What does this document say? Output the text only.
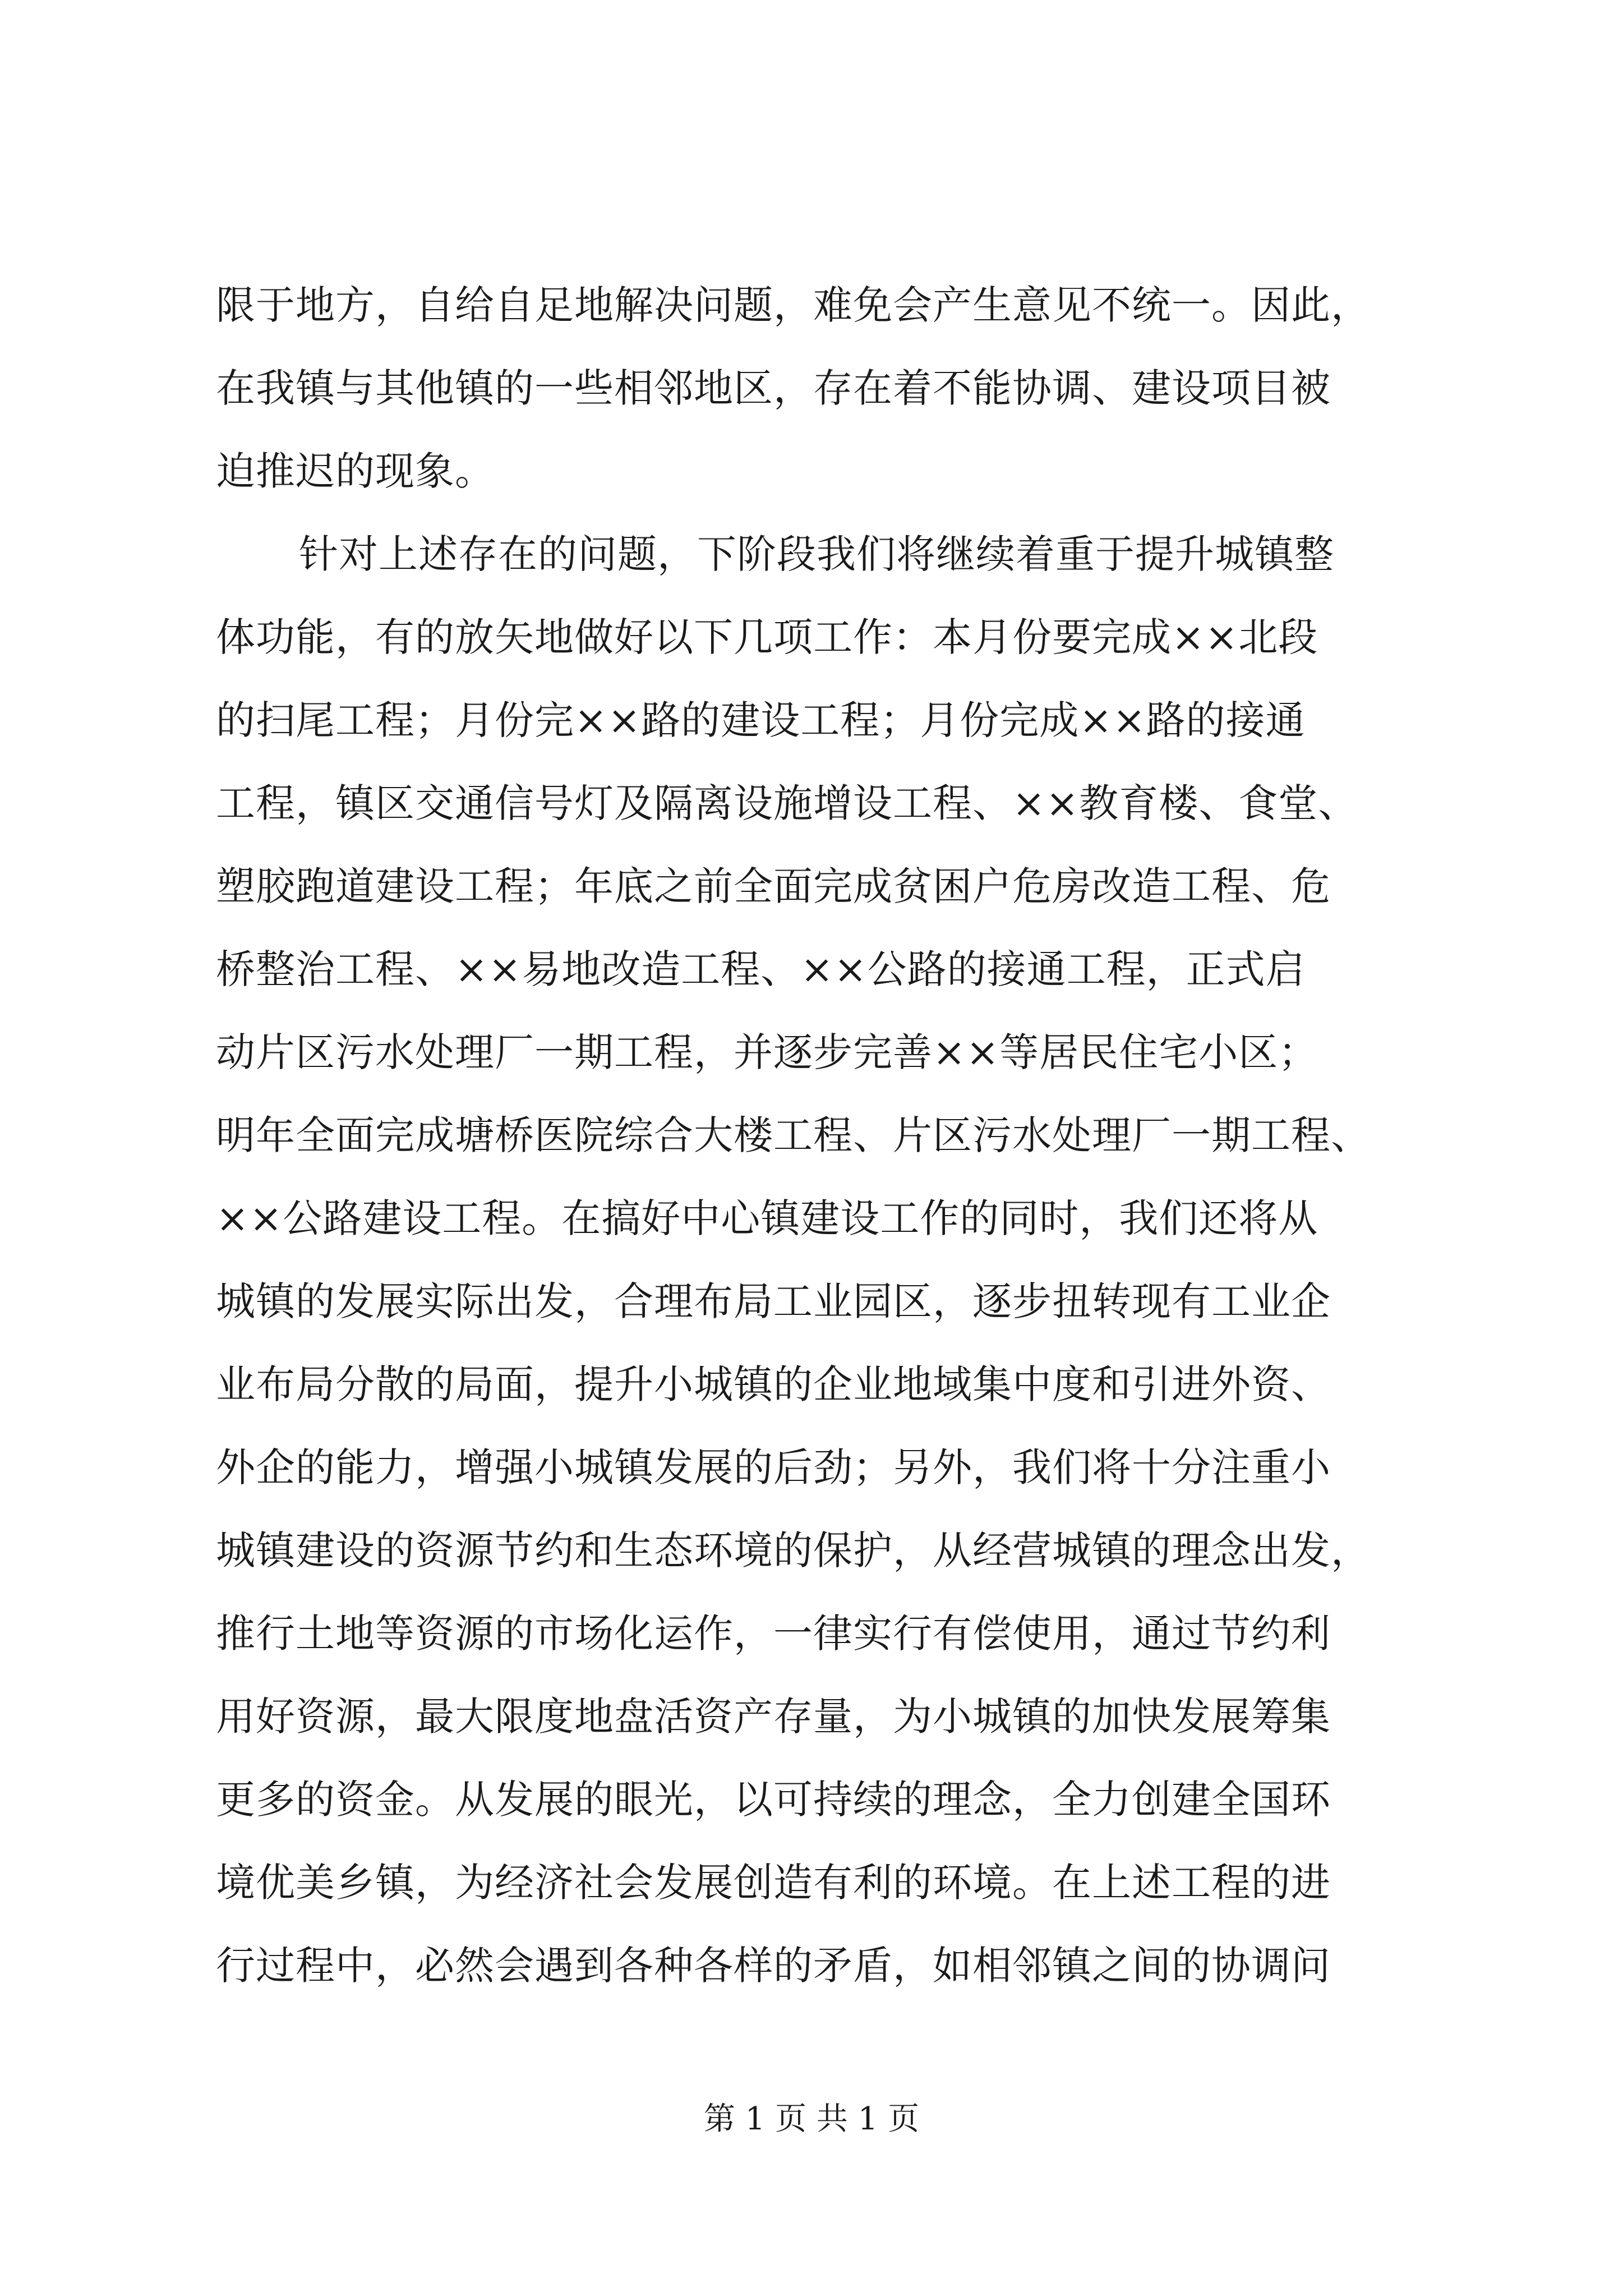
限于地方，自给自足地解决问题，难免会产生意见不统一。因此，
在我镇与其他镇的一些相邻地区，存在着不能协调、建设项目被
迫推迟的现象。
针对上述存在的问题，下阶段我们将继续着重于提升城镇整
体功能，有的放矢地做好以下几项工作：本月份要完成××北段
的扫尾工程；月份完××路的建设工程；月份完成××路的接通
工程，镇区交通信号灯及隔离设施增设工程、××教育楼、食堂、
塑胶跑道建设工程；年底之前全面完成贫困户危房改造工程、危
桥整治工程、××易地改造工程、××公路的接通工程，正式启
动片区污水处理厂一期工程，并逐步完善××等居民住宅小区；
明年全面完成塘桥医院综合大楼工程、片区污水处理厂一期工程、
××公路建设工程。在搞好中心镇建设工作的同时，我们还将从
城镇的发展实际出发，合理布局工业园区，逐步扭转现有工业企
业布局分散的局面，提升小城镇的企业地域集中度和引进外资、
外企的能力，增强小城镇发展的后劲；另外，我们将十分注重小
城镇建设的资源节约和生态环境的保护，从经营城镇的理念出发，
推行土地等资源的市场化运作，一律实行有偿使用，通过节约利
用好资源，最大限度地盘活资产存量，为小城镇的加快发展筹集
更多的资金。从发展的眼光，以可持续的理念，全力创建全国环
境优美乡镇，为经济社会发展创造有利的环境。在上述工程的进
行过程中，必然会遇到各种各样的矛盾，如相邻镇之间的协调问
第 1 页 共 1 页
